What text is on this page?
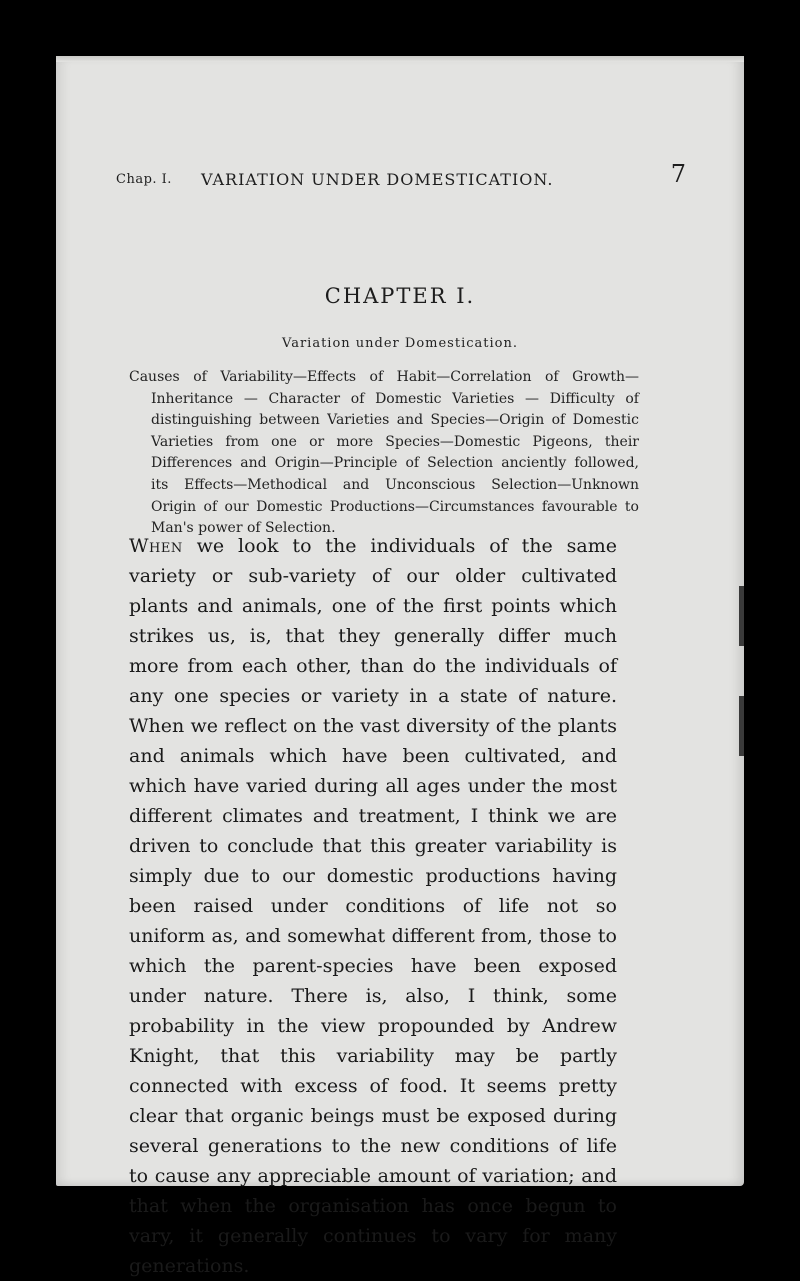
Chap. I. VARIATION UNDER DOMESTICATION.	7
CHAPTER I.
Variation under Domestication.
Causes of Variability—Effects of Habit—Correlation of Growth—Inheritance — Character of Domestic Varieties — Difficulty of distinguishing between Varieties and Species—Origin of Domestic Varieties from one or more Species—Domestic Pigeons, their Differences and Origin—Principle of Selection anciently followed, its Effects—Methodical and Unconscious Selection—Unknown Origin of our Domestic Productions—Circumstances favourable to Man's power of Selection.
When we look to the individuals of the same variety or sub-variety of our older cultivated plants and animals, one of the first points which strikes us, is, that they generally differ much more from each other, than do the individuals of any one species or variety in a state of nature. When we reflect on the vast diversity of the plants and animals which have been cultivated, and which have varied during all ages under the most different climates and treatment, I think we are driven to conclude that this greater variability is simply due to our domestic productions having been raised under conditions of life not so uniform as, and somewhat different from, those to which the parent-species have been exposed under nature. There is, also, I think, some probability in the view propounded by Andrew Knight, that this variability may be partly connected with excess of food. It seems pretty clear that organic beings must be exposed during several generations to the new conditions of life to cause any appreciable amount of variation; and that when the organisation has once begun to vary, it generally continues to vary for many generations.
